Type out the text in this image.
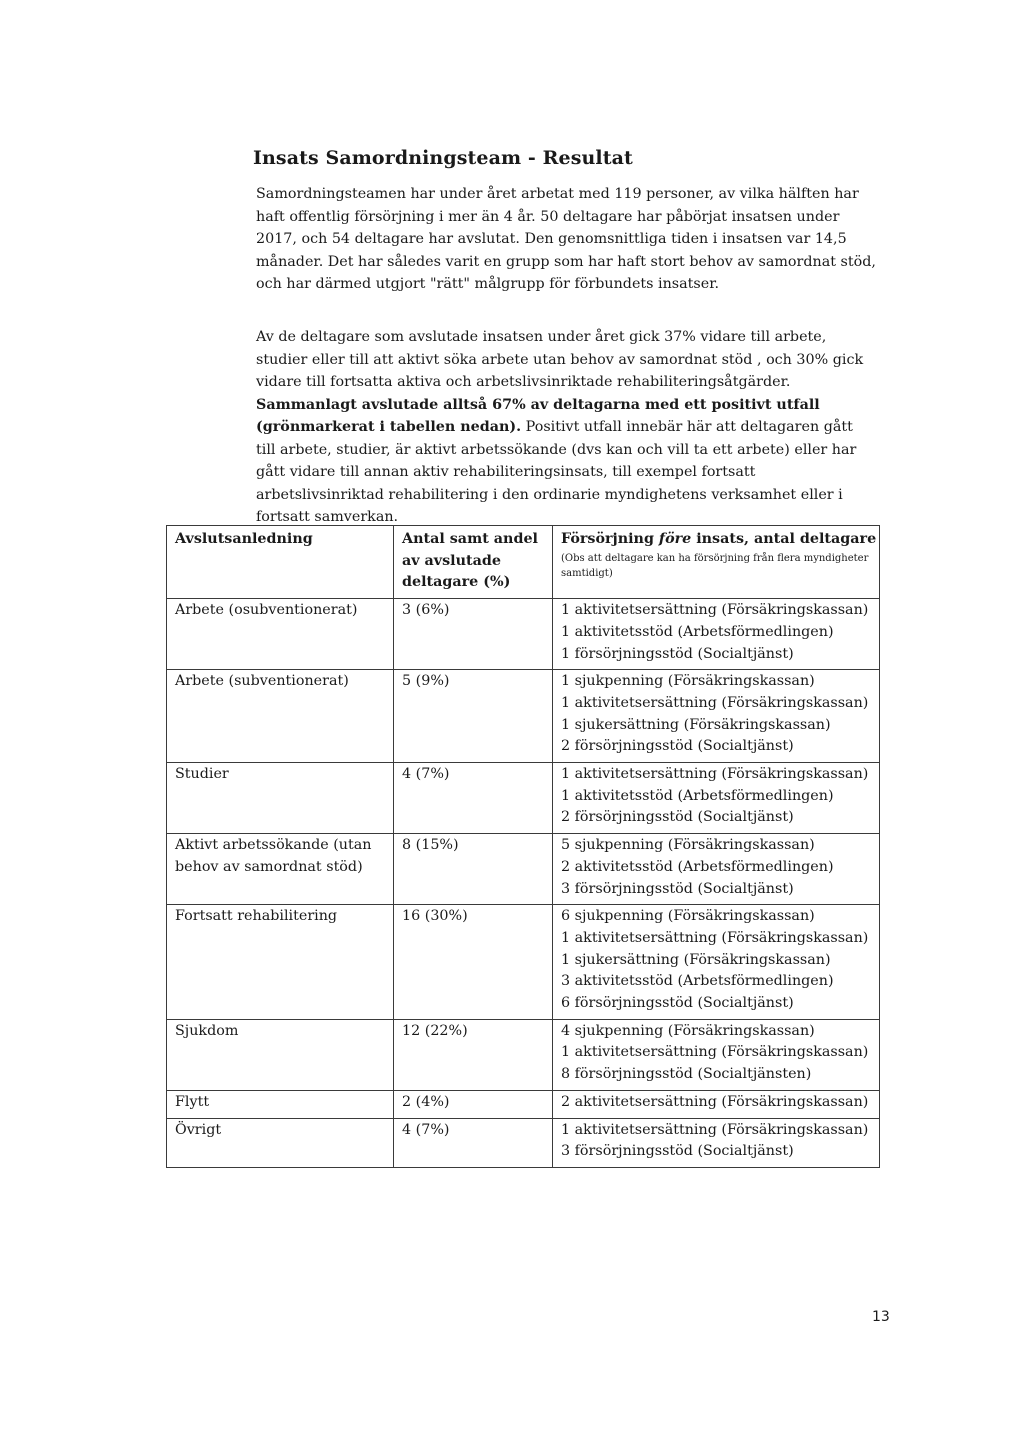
Insats Samordningsteam - Resultat

Samordningsteamen har under året arbetat med 119 personer, av vilka hälften har haft offentlig försörjning i mer än 4 år. 50 deltagare har påbörjat insatsen under 2017, och 54 deltagare har avslutat. Den genomsnittliga tiden i insatsen var 14,5 månader. Det har således varit en grupp som har haft stort behov av samordnat stöd, och har därmed utgjort "rätt" målgrupp för förbundets insatser.

Av de deltagare som avslutade insatsen under året gick 37% vidare till arbete, studier eller till att aktivt söka arbete utan behov av samordnat stöd , och 30% gick vidare till fortsatta aktiva och arbetslivsinriktade rehabiliteringsåtgärder. Sammanlagt avslutade alltså 67% av deltagarna med ett positivt utfall (grönmarkerat i tabellen nedan). Positivt utfall innebär här att deltagaren gått till arbete, studier, är aktivt arbetssökande (dvs kan och vill ta ett arbete) eller har gått vidare till annan aktiv rehabiliteringsinsats, till exempel fortsatt arbetslivsinriktad rehabilitering i den ordinarie myndighetens verksamhet eller i fortsatt samverkan.

Avslutsanledning	Antal samt andel av avslutade deltagare (%)	Försörjning före insats, antal deltagare
(Obs att deltagare kan ha försörjning från flera myndigheter samtidigt)

Arbete (osubventionerat)	3 (6%)	1 aktivitetsersättning (Försäkringskassan)
1 aktivitetsstöd (Arbetsförmedlingen)
1 försörjningsstöd (Socialtjänst)

Arbete (subventionerat)	5 (9%)	1 sjukpenning (Försäkringskassan)
1 aktivitetsersättning (Försäkringskassan)
1 sjukersättning (Försäkringskassan)
2 försörjningsstöd (Socialtjänst)

Studier	4 (7%)	1 aktivitetsersättning (Försäkringskassan)
1 aktivitetsstöd (Arbetsförmedlingen)
2 försörjningsstöd (Socialtjänst)

Aktivt arbetssökande (utan behov av samordnat stöd)	8 (15%)	5 sjukpenning (Försäkringskassan)
2 aktivitetsstöd (Arbetsförmedlingen)
3 försörjningsstöd (Socialtjänst)

Fortsatt rehabilitering	16 (30%)	6 sjukpenning (Försäkringskassan)
1 aktivitetsersättning (Försäkringskassan)
1 sjukersättning (Försäkringskassan)
3 aktivitetsstöd (Arbetsförmedlingen)
6 försörjningsstöd (Socialtjänst)

Sjukdom	12 (22%)	4 sjukpenning (Försäkringskassan)
1 aktivitetsersättning (Försäkringskassan)
8 försörjningsstöd (Socialtjänsten)

Flytt	2 (4%)	2 aktivitetsersättning (Försäkringskassan)

Övrigt	4 (7%)	1 aktivitetsersättning (Försäkringskassan)
3 försörjningsstöd (Socialtjänst)
13
